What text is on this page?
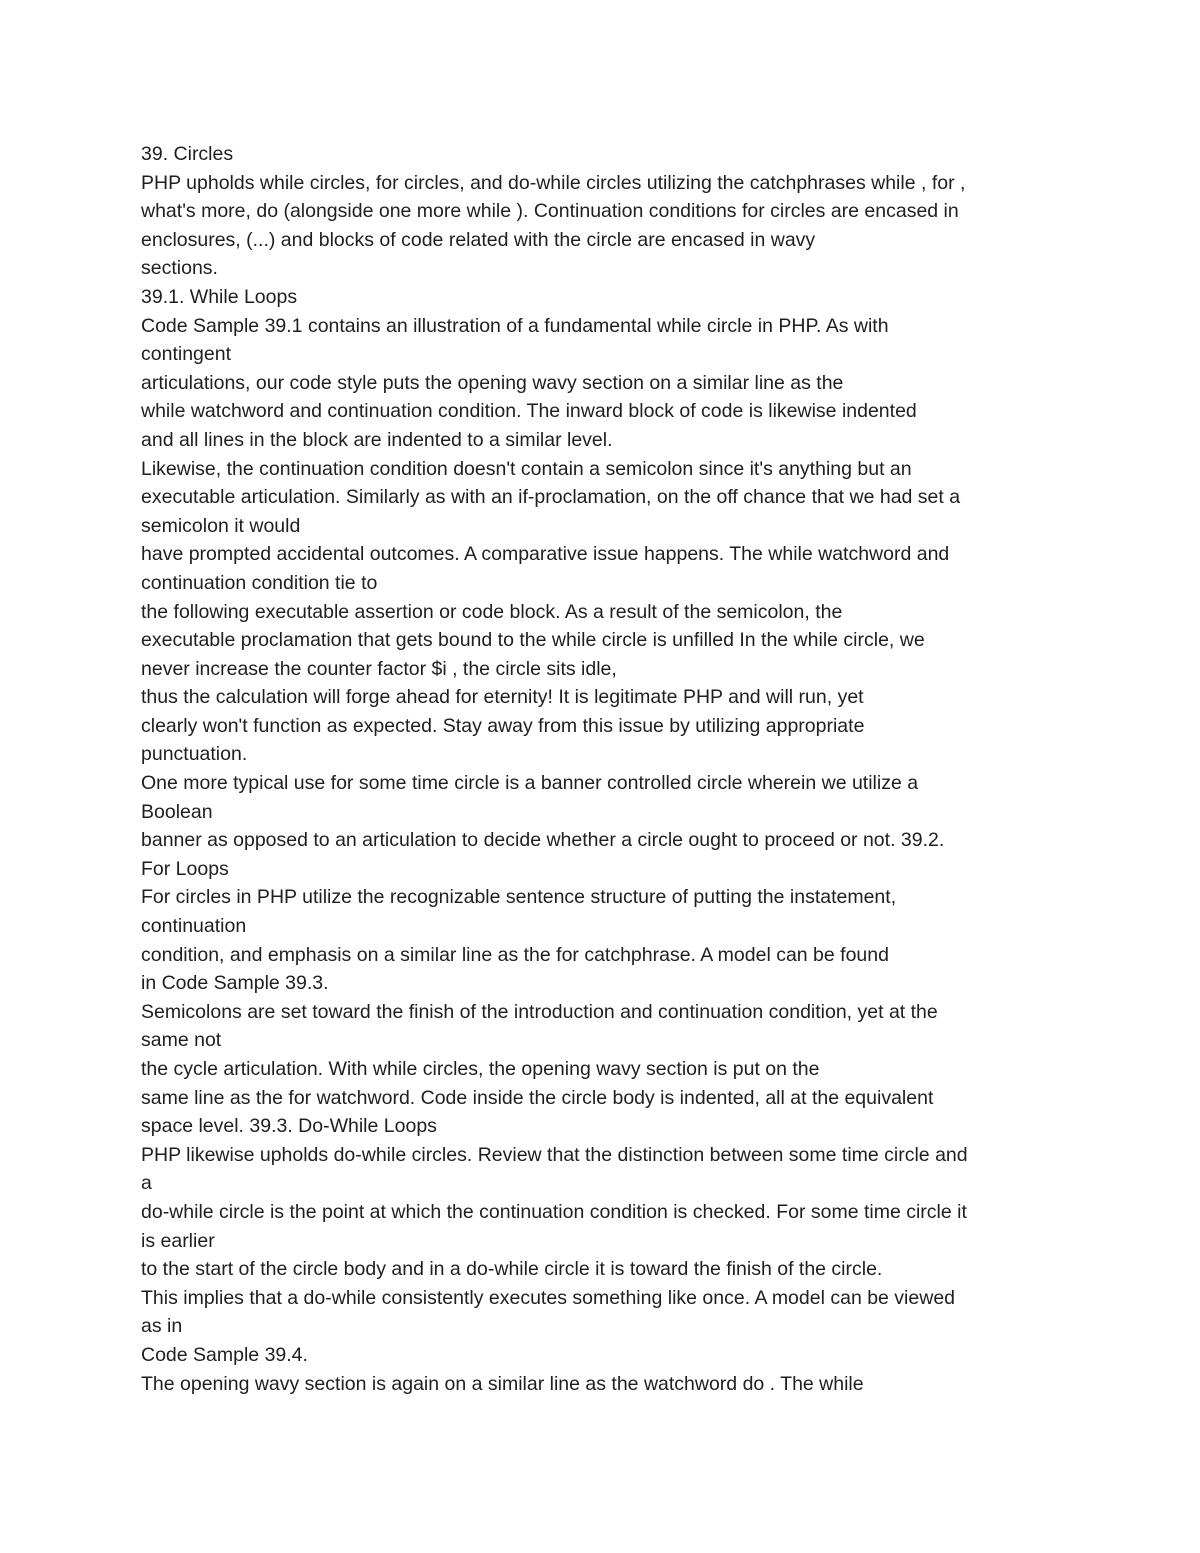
39. Circles
PHP upholds while circles, for circles, and do-while circles utilizing the catchphrases while , for ,
what's more, do (alongside one more while ). Continuation conditions for circles are encased in
enclosures, (...) and blocks of code related with the circle are encased in wavy
sections.
39.1. While Loops
Code Sample 39.1 contains an illustration of a fundamental while circle in PHP. As with
contingent
articulations, our code style puts the opening wavy section on a similar line as the
while watchword and continuation condition. The inward block of code is likewise indented
and all lines in the block are indented to a similar level.
Likewise, the continuation condition doesn't contain a semicolon since it's anything but an
executable articulation. Similarly as with an if-proclamation, on the off chance that we had set a
semicolon it would
have prompted accidental outcomes. A comparative issue happens. The while watchword and
continuation condition tie to
the following executable assertion or code block. As a result of the semicolon, the
executable proclamation that gets bound to the while circle is unfilled In the while circle, we
never increase the counter factor $i , the circle sits idle,
thus the calculation will forge ahead for eternity! It is legitimate PHP and will run, yet
clearly won't function as expected. Stay away from this issue by utilizing appropriate
punctuation.
One more typical use for some time circle is a banner controlled circle wherein we utilize a
Boolean
banner as opposed to an articulation to decide whether a circle ought to proceed or not. 39.2.
For Loops
For circles in PHP utilize the recognizable sentence structure of putting the instatement,
continuation
condition, and emphasis on a similar line as the for catchphrase. A model can be found
in Code Sample 39.3.
Semicolons are set toward the finish of the introduction and continuation condition, yet at the
same not
the cycle articulation. With while circles, the opening wavy section is put on the
same line as the for watchword. Code inside the circle body is indented, all at the equivalent
space level. 39.3. Do-While Loops
PHP likewise upholds do-while circles. Review that the distinction between some time circle and
a
do-while circle is the point at which the continuation condition is checked. For some time circle it
is earlier
to the start of the circle body and in a do-while circle it is toward the finish of the circle.
This implies that a do-while consistently executes something like once. A model can be viewed
as in
Code Sample 39.4.
The opening wavy section is again on a similar line as the watchword do . The while
